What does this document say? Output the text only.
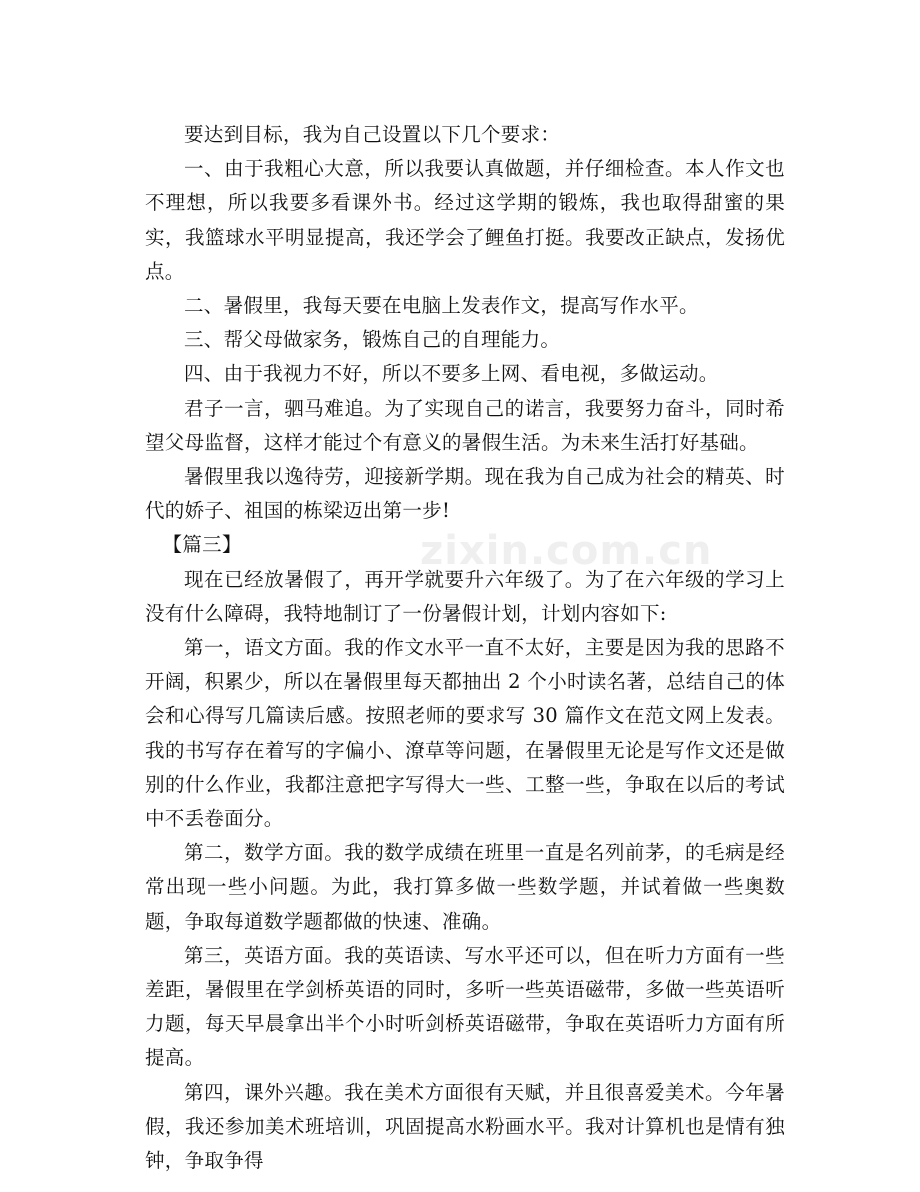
要达到目标，我为自己设置以下几个要求：

一、由于我粗心大意，所以我要认真做题，并仔细检查。本人作文也不理想，所以我要多看课外书。经过这学期的锻炼，我也取得甜蜜的果实，我篮球水平明显提高，我还学会了鲤鱼打挺。我要改正缺点，发扬优点。

二、暑假里，我每天要在电脑上发表作文，提高写作水平。

三、帮父母做家务，锻炼自己的自理能力。

四、由于我视力不好，所以不要多上网、看电视，多做运动。

君子一言，驷马难追。为了实现自己的诺言，我要努力奋斗，同时希望父母监督，这样才能过个有意义的暑假生活。为未来生活打好基础。

暑假里我以逸待劳，迎接新学期。现在我为自己成为社会的精英、时代的娇子、祖国的栋梁迈出第一步!

【篇三】

现在已经放暑假了，再开学就要升六年级了。为了在六年级的学习上没有什么障碍，我特地制订了一份暑假计划，计划内容如下:

第一，语文方面。我的作文水平一直不太好，主要是因为我的思路不开阔，积累少，所以在暑假里每天都抽出 2 个小时读名著，总结自己的体会和心得写几篇读后感。按照老师的要求写 30 篇作文在范文网上发表。我的书写存在着写的字偏小、潦草等问题，在暑假里无论是写作文还是做别的什么作业，我都注意把字写得大一些、工整一些，争取在以后的考试中不丢卷面分。

第二，数学方面。我的数学成绩在班里一直是名列前茅，的毛病是经常出现一些小问题。为此，我打算多做一些数学题，并试着做一些奥数题，争取每道数学题都做的快速、准确。

第三，英语方面。我的英语读、写水平还可以，但在听力方面有一些差距，暑假里在学剑桥英语的同时，多听一些英语磁带，多做一些英语听力题，每天早晨拿出半个小时听剑桥英语磁带，争取在英语听力方面有所提高。

第四，课外兴趣。我在美术方面很有天赋，并且很喜爱美术。今年暑假，我还参加美术班培训，巩固提高水粉画水平。我对计算机也是情有独钟，争取争得

zixin.com.cn
